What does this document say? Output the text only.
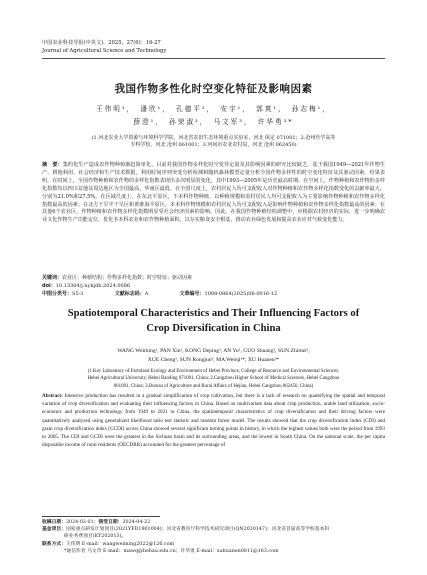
中国农业科技导报(中英文)，2025，27(6)：16-27
Journal of Agricultural Science and Technology
我国作物多性化时空变化特征及影响因素
王伟明¹，　潘欣¹，　孔德平²，　安宇¹，　郭爽¹，　孙志梅¹，
薛澄¹，　孙荣淑³，　马文军³，　许华勇³*
(1.河北农业大学资源与环境科学学院，河北省农田生态环境重点实验室，河北 保定 071001；2.沧州医学高等
专科学校，河北 沧州 061001；3.河间市农业农村局，河北 沧州 062450)
摘　要：集约化生产造成农作物种植渐趋简单化，目前对我国作物多样化时空变异定量及其影响因素的研究比较缺乏。基于我国1949—2021年作物生产、耕地利用、社会经济和生产技术数据，利用时间序列突变分析检测和随机森林模型定量分析全国作物多样性的时空变化特征及其驱动因素。结果表明，在时间上，全国作物种植和农作物的多样化指数表现出多次明显的变化，其中1993—2005年是历史最高时期。在空间上，作物种植和农作物的多样化指数均以四川盆地及周边地区为全国最高，华南区最低。在全国尺度上，农村居民人均可支配收入对作物种植和农作物多样化指数变化的贡献率最大，分别为21.0%和27.5%。在区域尺度上，在东北平原区，不本科作物种植，以种植规模和农村居民人均可支配收入为主要影响作物种植和农作物多样化指数最高的因素；在北方干旱半干旱区和黄淮海平原区，本本科作物规模和农村居民人均可支配收入是影响作物种植和农作物多样化指数最高的因素；在其他6个农业区，作物种植和农作物多样化指数明显受社会经济因素的影响。因此，在我国作物种植结构调整中，应根据农村经济的实际，进一步明确农业文化作物生产功能定位，优化本本科农业和农作物种植面积，以存实粮食安全根基，推动农业绿色发展和提高农业应对气候变化能力。
关键词：农业区；种植结构；作物多样化指数；时空特征；驱动因素
doi：10.13304/j.nykjdb.2024.0086
中图分类号：S5-3	文献标志码：A	文章编号：1008-0864(2025)06-0016-12
Spatiotemporal Characteristics and Their Influencing Factors of
Crop Diversification in China
WANG Weiming¹, PAN Xin¹, KONG Deping², AN Yu¹, GUO Shuang¹, SUN Zhimei¹,
XUE Cheng¹, SUN Rongjun³, MA Wenqi¹*, XU Huanen³*
(1.Key Laboratory of Farmland Ecology and Environment of Hebei Province, College of Resource and Environmental Sciences,
Hebei Agricultural University, Hebei Baoding 071001, China; 2.Cangzhou Higher School of Medical Sciences, Hebei Cangzhou
061001, China; 3.Bureau of Agriculture and Rural Affairs of Hejian, Hebei Cangzhou 062450, China)
Abstract: Intensive production has resulted in a gradual simplification of crop cultivation, but there is a lack of research on quantifying the spatial and temporal variation of crop diversification and evaluating their influencing factors in China. Based on multivariate data about crop production, arable land utilization, socio-economic and production technology from 1949 to 2021 in China, the spatiotemporal characteristics of crop diversification and their driving factors were quantitatively analyzed using generalized likelihood ratio test statistic and random forest model. The results showed that the crop diversification index (CDI) and grain crop diversification index (GCDI) across China showed several significant turning points in history, in which the highest values both were the period from 1993 to 2005. The CDI and GCDI were the greatest in the Sichuan basin and its surrounding areas, and the lowest in South China. On the national scale, the per capita disposable income of rural residents (OECDRR) accounted for the greatest percentage of
收稿日期：2024-02-01；接受日期：2024-04-22
基金项目：国家重点研发计划项目(2021YFD1901004)；河北省教育厅科学技术研究项目(QN2020147)；河北省首届高等学校基本科
研业务费项目(KY202013)。
联系方式：王伟明 E-mail：wangweiming2022@126.com
*通信作者 马文奇 E-mail：mawq@hebau.edu.cn；许华勇 E-mail：xuhuanen0811@163.com
